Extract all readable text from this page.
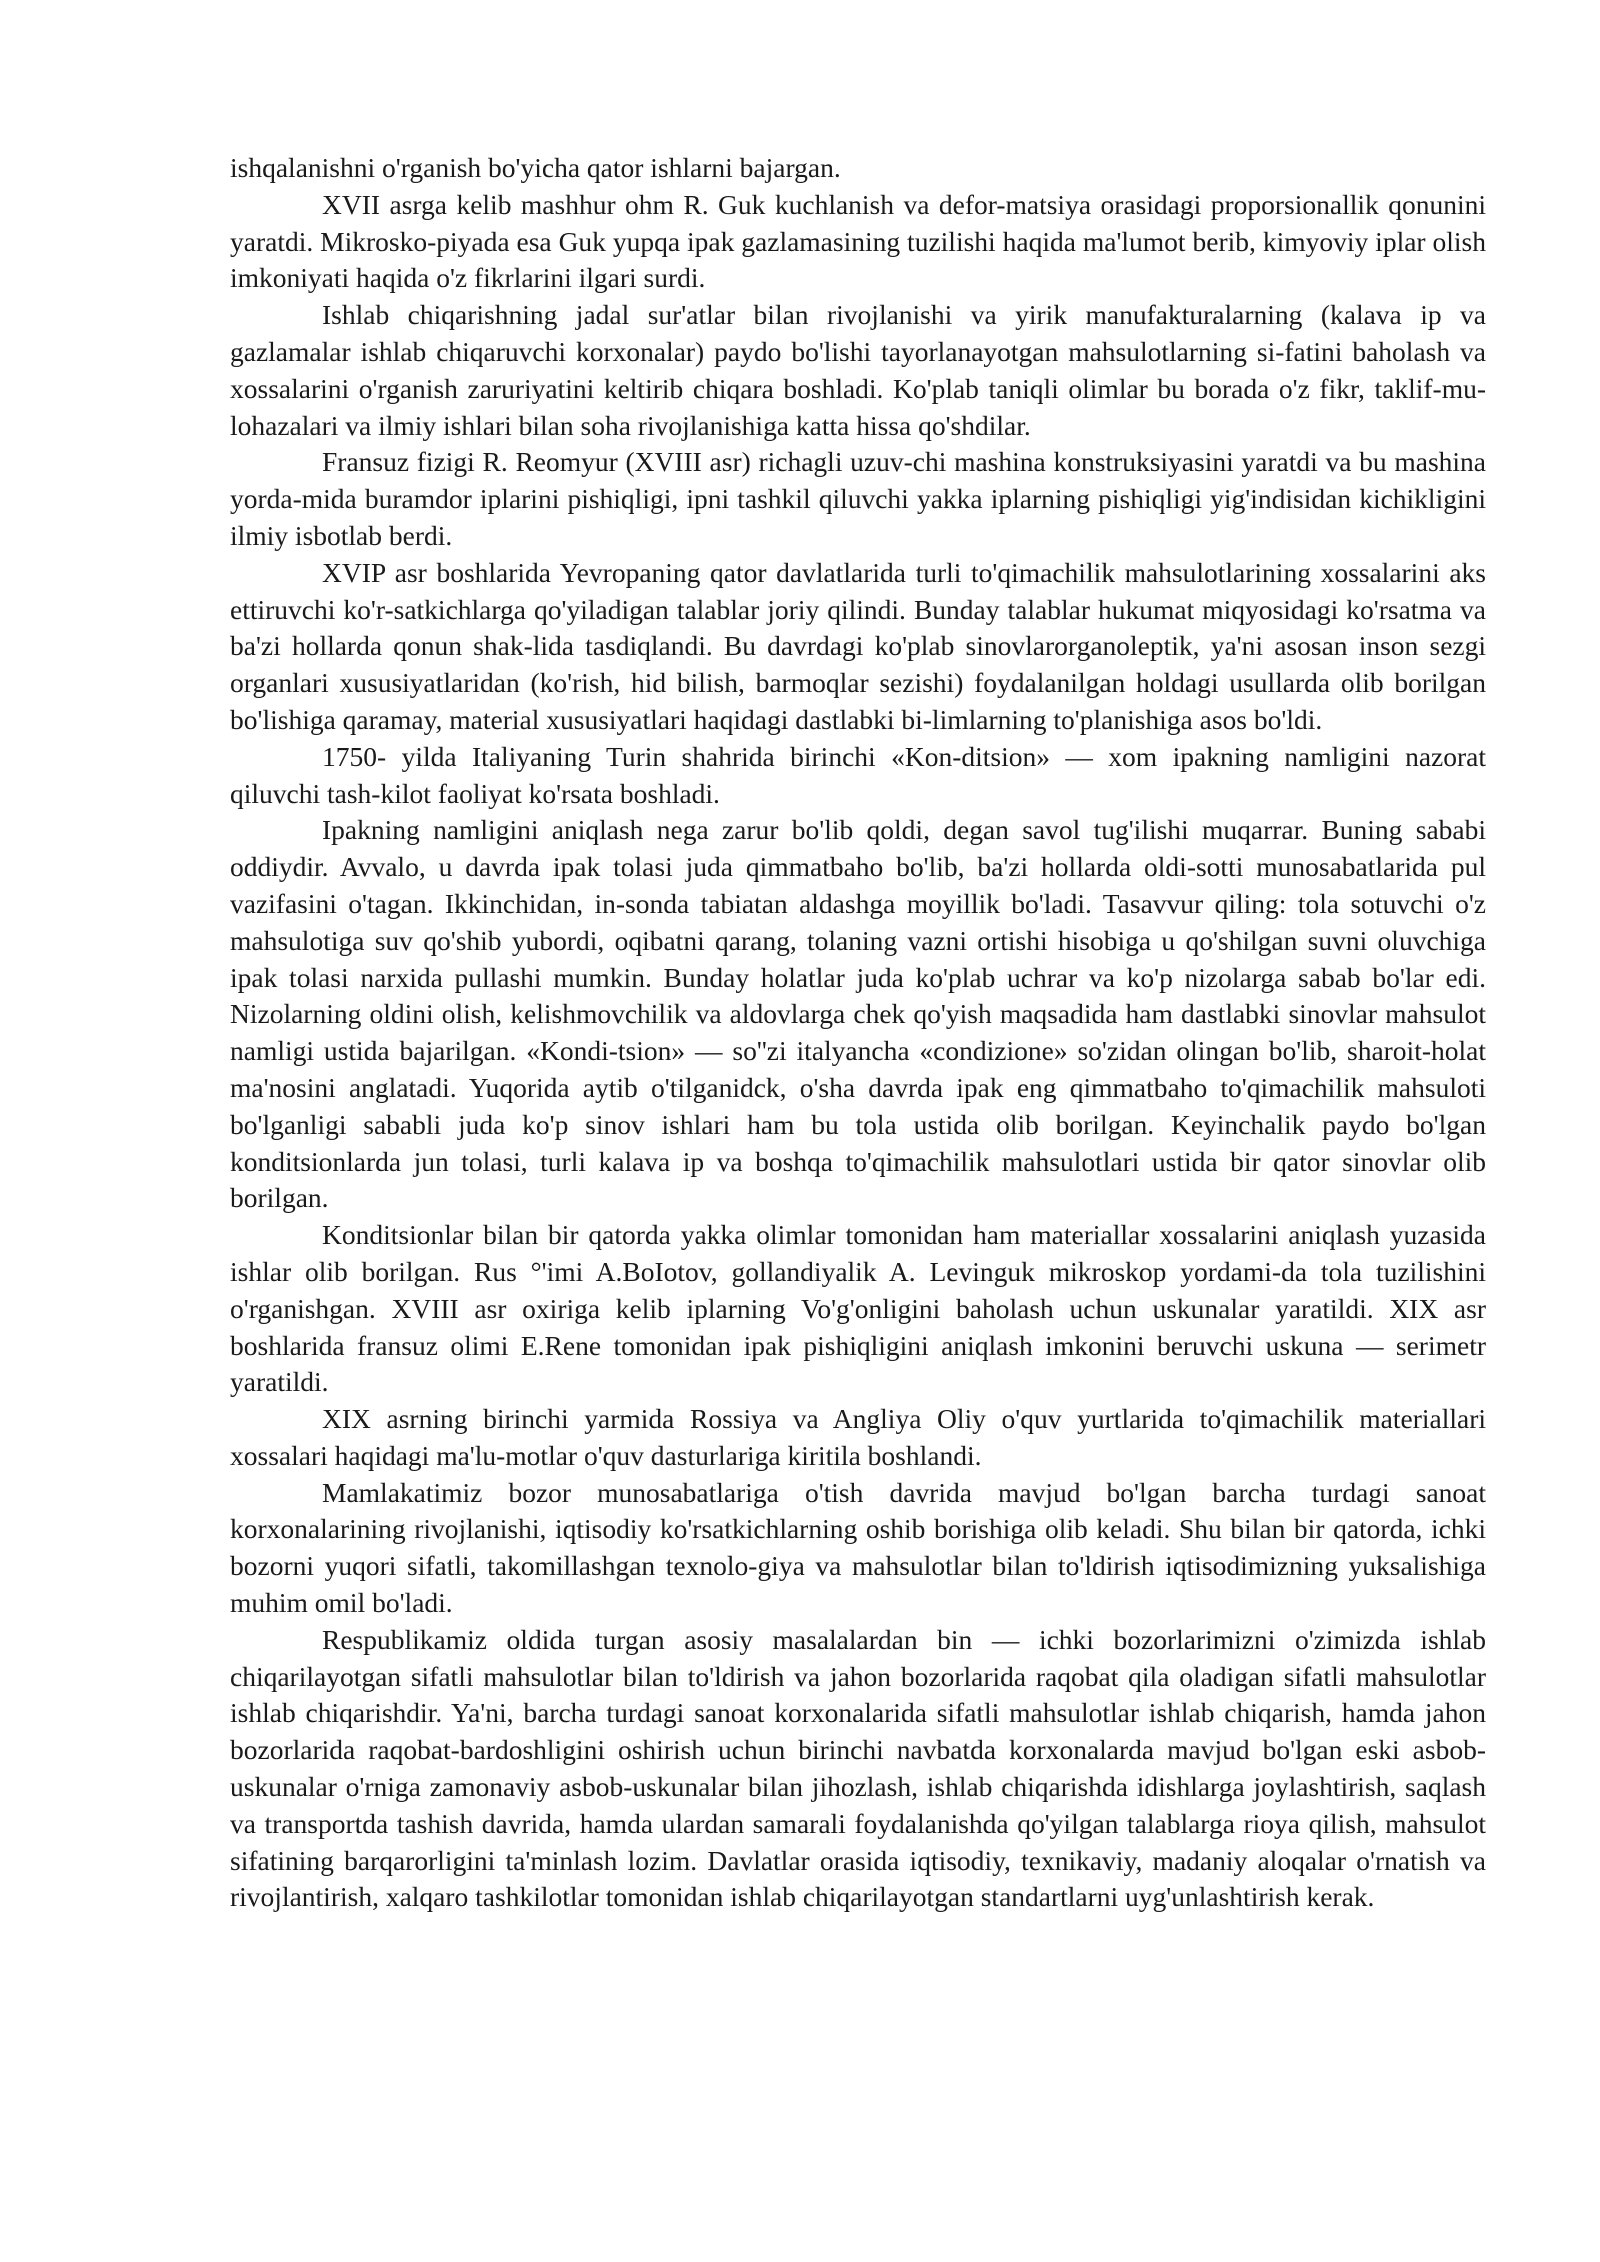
ishqalanishni o'rganish bo'yicha qator ishlarni bajargan.

XVII asrga kelib mashhur ohm R. Guk kuchlanish va defor-matsiya orasidagi proporsionallik qonunini yaratdi. Mikrosko-piyada esa Guk yupqa ipak gazlamasining tuzilishi haqida ma'lumot berib, kimyoviy iplar olish imkoniyati haqida o'z fikrlarini ilgari surdi.

Ishlab chiqarishning jadal sur'atlar bilan rivojlanishi va yirik manufakturalarning (kalava ip va gazlamalar ishlab chiqaruvchi korxonalar) paydo bo'lishi tayorlanayotgan mahsulotlarning si-fatini baholash va xossalarini o'rganish zaruriyatini keltirib chiqara boshladi. Ko'plab taniqli olimlar bu borada o'z fikr, taklif-mu-lohazalari va ilmiy ishlari bilan soha rivojlanishiga katta hissa qo'shdilar.

Fransuz fizigi R. Reomyur (XVIII asr) richagli uzuv-chi mashina konstruksiyasini yaratdi va bu mashina yorda-mida buramdor iplarini pishiqligi, ipni tashkil qiluvchi yakka iplarning pishiqligi yig'indisidan kichikligini ilmiy isbotlab berdi.

XVIP asr boshlarida Yevropaning qator davlatlarida turli to'qimachilik mahsulotlarining xossalarini aks ettiruvchi ko'r-satkichlarga qo'yiladigan talablar joriy qilindi. Bunday talablar hukumat miqyosidagi ko'rsatma va ba'zi hollarda qonun shak-lida tasdiqlandi. Bu davrdagi ko'plab sinovlarorganoleptik, ya'ni asosan inson sezgi organlari xususiyatlaridan (ko'rish, hid bilish, barmoqlar sezishi) foydalanilgan holdagi usullarda olib borilgan bo'lishiga qaramay, material xususiyatlari haqidagi dastlabki bi-limlarning to'planishiga asos bo'ldi.

1750- yilda Italiyaning Turin shahrida birinchi «Kon-ditsion» — xom ipakning namligini nazorat qiluvchi tash-kilot faoliyat ko'rsata boshladi.

Ipakning namligini aniqlash nega zarur bo'lib qoldi, degan savol tug'ilishi muqarrar. Buning sababi oddiydir. Avvalo, u davrda ipak tolasi juda qimmatbaho bo'lib, ba'zi hollarda oldi-sotti munosabatlarida pul vazifasini o'tagan. Ikkinchidan, in-sonda tabiatan aldashga moyillik bo'ladi. Tasavvur qiling: tola sotuvchi o'z mahsulotiga suv qo'shib yubordi, oqibatni qarang, tolaning vazni ortishi hisobiga u qo'shilgan suvni oluvchiga ipak tolasi narxida pullashi mumkin. Bunday holatlar juda ko'plab uchrar va ko'p nizolarga sabab bo'lar edi. Nizolarning oldini olish, kelishmovchilik va aldovlarga chek qo'yish maqsadida ham dastlabki sinovlar mahsulot namligi ustida bajarilgan. «Kondi-tsion» — so''zi italyancha «condizione» so'zidan olingan bo'lib, sharoit-holat ma'nosini anglatadi. Yuqorida aytib o'tilganidck, o'sha davrda ipak eng qimmatbaho to'qimachilik mahsuloti bo'lganligi sababli juda ko'p sinov ishlari ham bu tola ustida olib borilgan. Keyinchalik paydo bo'lgan konditsionlarda jun tolasi, turli kalava ip va boshqa to'qimachilik mahsulotlari ustida bir qator sinovlar olib borilgan.

Konditsionlar bilan bir qatorda yakka olimlar tomonidan ham materiallar xossalarini aniqlash yuzasida ishlar olib borilgan. Rus °'imi A.BoIotov, gollandiyalik A. Levinguk mikroskop yordami-da tola tuzilishini o'rganishgan. XVIII asr oxiriga kelib iplarning Vo'g'onligini baholash uchun uskunalar yaratildi. XIX asr boshlarida fransuz olimi E.Rene tomonidan ipak pishiqligini aniqlash imkonini beruvchi uskuna — serimetr yaratildi.

XIX asrning birinchi yarmida Rossiya va Angliya Oliy o'quv yurtlarida to'qimachilik materiallari xossalari haqidagi ma'lu-motlar o'quv dasturlariga kiritila boshlandi.

Mamlakatimiz bozor munosabatlariga o'tish davrida mavjud bo'lgan barcha turdagi sanoat korxonalarining rivojlanishi, iqtisodiy ko'rsatkichlarning oshib borishiga olib keladi. Shu bilan bir qatorda, ichki bozorni yuqori sifatli, takomillashgan texnolo-giya va mahsulotlar bilan to'ldirish iqtisodimizning yuksalishiga muhim omil bo'ladi.

Respublikamiz oldida turgan asosiy masalalardan bin — ichki bozorlarimizni o'zimizda ishlab chiqarilayotgan sifatli mahsulotlar bilan to'ldirish va jahon bozorlarida raqobat qila oladigan sifatli mahsulotlar ishlab chiqarishdir. Ya'ni, barcha turdagi sanoat korxonalarida sifatli mahsulotlar ishlab chiqarish, hamda jahon bozorlarida raqobat-bardoshligini oshirish uchun birinchi navbatda korxonalarda mavjud bo'lgan eski asbob-uskunalar o'rniga zamonaviy asbob-uskunalar bilan jihozlash, ishlab chiqarishda idishlarga joylashtirish, saqlash va transportda tashish davrida, hamda ulardan samarali foydalanishda qo'yilgan talablarga rioya qilish, mahsulot sifatining barqarorligini ta'minlash lozim. Davlatlar orasida iqtisodiy, texnikaviy, madaniy aloqalar o'rnatish va rivojlantirish, xalqaro tashkilotlar tomonidan ishlab chiqarilayotgan standartlarni uyg'unlashtirish kerak.
